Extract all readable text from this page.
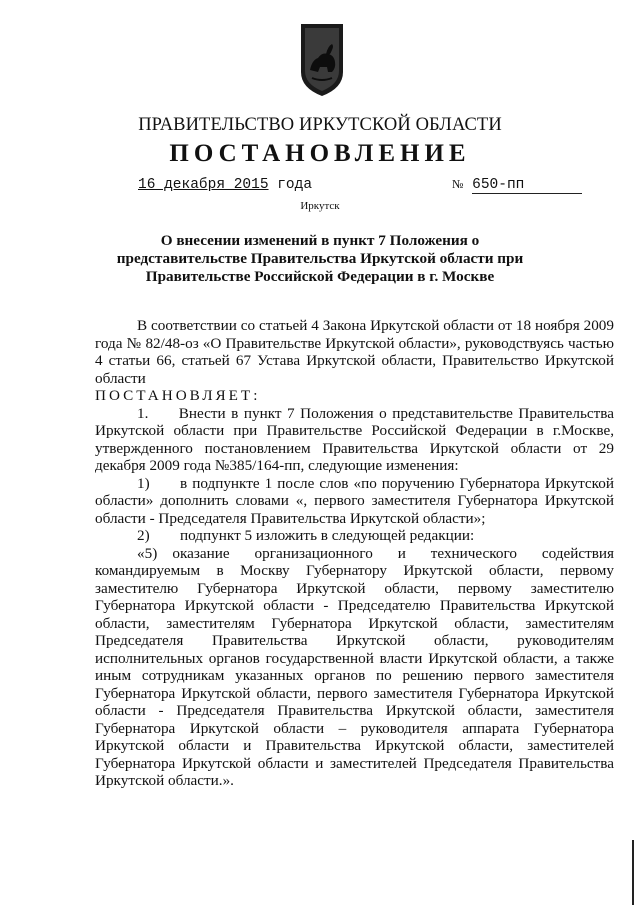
ПРАВИТЕЛЬСТВО ИРКУТСКОЙ ОБЛАСТИ
ПОСТАНОВЛЕНИЕ
16 декабря 2015 года	№ 650-пп
Иркутск
О внесении изменений в пункт 7 Положения о представительстве Правительства Иркутской области при Правительстве Российской Федерации в г. Москве

В соответствии со статьей 4 Закона Иркутской области от 18 ноября 2009 года № 82/48-оз «О Правительстве Иркутской области», руководствуясь частью 4 статьи 66, статьей 67 Устава Иркутской области, Правительство Иркутской области

ПОСТАНОВЛЯЕТ:

1.  Внести в пункт 7 Положения о представительстве Правительства Иркутской области при Правительстве Российской Федерации в г.Москве, утвержденного постановлением Правительства Иркутской области от 29 декабря 2009 года №385/164-пп, следующие изменения:

1)  в подпункте 1 после слов «по поручению Губернатора Иркутской области» дополнить словами «, первого заместителя Губернатора Иркутской области - Председателя Правительства Иркутской области»;

2)  подпункт 5 изложить в следующей редакции:

«5) оказание организационного и технического содействия командируемым в Москву Губернатору Иркутской области, первому заместителю Губернатора Иркутской области, первому заместителю Губернатора Иркутской области - Председателю Правительства Иркутской области, заместителям Губернатора Иркутской области, заместителям Председателя Правительства Иркутской области, руководителям исполнительных органов государственной власти Иркутской области, а также иным сотрудникам указанных органов по решению первого заместителя Губернатора Иркутской области, первого заместителя Губернатора Иркутской области - Председателя Правительства Иркутской области, заместителя Губернатора Иркутской области – руководителя аппарата Губернатора Иркутской области и Правительства Иркутской области, заместителей Губернатора Иркутской области и заместителей Председателя Правительства Иркутской области.».
